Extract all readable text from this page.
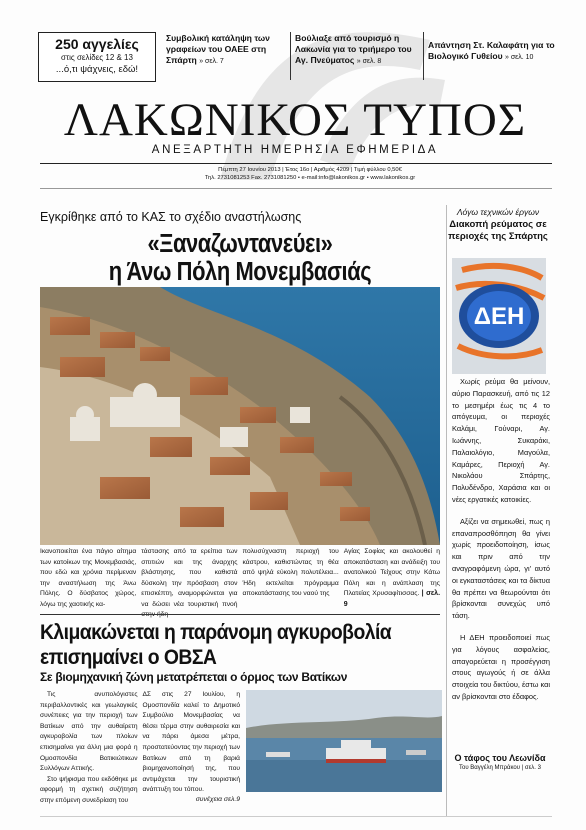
250 αγγελίες
στις σελίδες 12 & 13
...ό,τι ψάχνεις, εδώ!
Συμβολική κατάληψη των γραφείων του ΟΑΕΕ στη Σπάρτη » σελ. 7
Βούλιαξε από τουρισμό η Λακωνία για το τριήμερο του Αγ. Πνεύματος » σελ. 8
Απάντηση Στ. Καλαφάτη για το Βιολογικό Γυθείου » σελ. 10
ΛΑΚΩΝΙΚΟΣ ΤΥΠΟΣ
ΑΝΕΞΑΡΤΗΤΗ ΗΜΕΡΗΣΙΑ ΕΦΗΜΕΡΙΔΑ
Πέμπτη 27 Ιουνίου 2013 | Έτος 16ο | Αριθμός 4209 | Τιμή φύλλου 0,50€
Τηλ. 2731081253 Fax. 2731081250 • e-mail:info@lakonikos.gr • www.lakonikos.gr
Εγκρίθηκε από το ΚΑΣ το σχέδιο αναστήλωσης
«Ξαναζωντανεύει»
η Άνω Πόλη Μονεμβασιάς
Ικανοποιείται ένα πάγιο αίτημα των κατοίκων της Μονεμβασιάς, που εδώ και χρόνια περίμεναν την αναστήλωση της Άνω Πόλης. Ο δύσβατος χώρος, λόγω της χαοτικής κα-
τάστασης από τα ερείπια των σπιτιών και της άναρχης βλάστησης, που καθιστά δύσκολη την πρόσβαση στον επισκέπτη, αναμορφώνεται για να δώσει νέα τουριστική πνοή
πολυσύχναστη περιοχή του κάστρου, καθιστώντας τη θέα από ψηλά εύκολη πολυτέλεια... Ήδη εκτελείται πρόγραμμα αποκατάστασης του ναού της
Αγίας Σοφίας και ακολουθεί η αποκατάσταση και ανάδειξη του ανατολικού Τείχους στην Κάτω Πόλη και η ανάπλαση της Πλατείας Χρυσαφίτισσας. | σελ. 9
Κλιμακώνεται η παράνομη αγκυροβολία
επισημαίνει ο ΟΒΣΑ
Σε βιομηχανική ζώνη μετατρέπεται ο όρμος των Βατίκων

Τις ανυπολόγιστες περιβαλλοντικές και γεωλογικές συνέπειες για την περιοχή των Βατίκων από την αυθαίρετη αγκυροβολία των πλοίων επισημαίνει για άλλη μια φορά η Ομοσπονδία Βατικιώτικων Συλλόγων Αττικής.

Στο ψήφισμα που εκδόθηκε με αφορμή τη σχετική συζήτηση στην επόμενη συνεδρίαση του

ΔΣ στις 27 Ιουλίου, η Ομοσπονδία καλεί το Δημοτικό Συμβούλιο Μονεμβασίας να θέσει τέρμα στην αυθαιρεσία και να πάρει άμεσα μέτρα, προστατεύοντας την περιοχή των Βατίκων από τη βαριά βιομηχανοποίησή της, που αντιμάχεται την τουριστική ανάπτυξη του τόπου.
συνέχεια σελ.9
Λόγω τεχνικών έργων
Διακοπή ρεύματος σε περιοχές της Σπάρτης
ΔΕΗ

Χωρίς ρεύμα θα μείνουν, αύριο Παρασκευή, από τις 12 το μεσημέρι έως τις 4 το απόγευμα, οι περιοχές Καλάμι, Γούναρι, Αγ. Ιωάννης, Συκαράκι, Παλαιολόγιο, Μαγούλα, Καμάρες, Περιοχή Αγ. Νικολάου Σπάρτης, Πολυδένδρο, Χαράσια και οι νέες εργατικές κατοικίες.

Αξίζει να σημειωθεί, πως η επαναπροσθόπηση θα γίνει χωρίς προειδοποίηση, ίσως και πριν από την αναγραφόμενη ώρα, γι' αυτό οι εγκαταστάσεις και τα δίκτυα θα πρέπει να θεωρούνται ότι βρίσκονται συνεχώς υπό τάση.

Η ΔΕΗ προειδοποιεί πως για λόγους ασφαλείας, απαγορεύεται η προσέγγιση στους αγωγούς ή σε άλλα στοιχεία του δικτύου, έστω και αν βρίσκονται στο έδαφος.

Ο τάφος του Λεωνίδα
Του Βαγγέλη Μπράκου | σελ. 3
